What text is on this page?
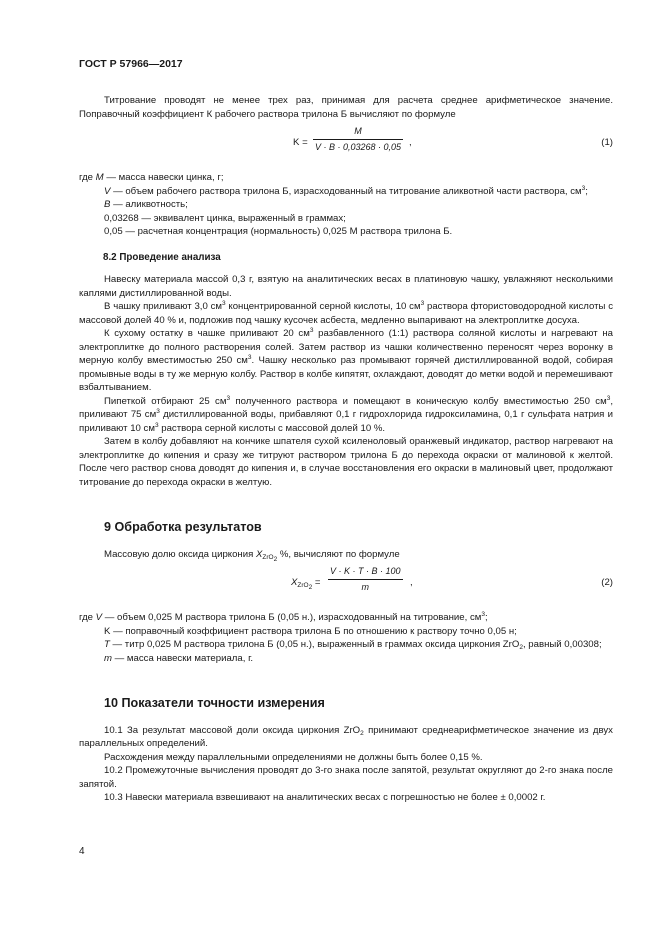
ГОСТ Р 57966—2017

Титрование проводят не менее трех раз, принимая для расчета среднее арифметическое значение. Поправочный коэффициент К рабочего раствора трилона Б вычисляют по формуле

$K = \frac{M}{V \cdot B \cdot 0,03268 \cdot 0,05}$ ,	(1)

где M — масса навески цинка, г;

V — объем рабочего раствора трилона Б, израсходованный на титрование аликвотной части раствора, $см^3$;

B — аликвотность;

0,03268 — эквивалент цинка, выраженный в граммах;

0,05 — расчетная концентрация (нормальность) 0,025 М раствора трилона Б.

8.2 Проведение анализа

Навеску материала массой 0,3 г, взятую на аналитических весах в платиновую чашку, увлажняют несколькими каплями дистиллированной воды.

В чашку приливают 3,0 $см^3$ концентрированной серной кислоты, 10 $см^3$ раствора фтористоводородной кислоты с массовой долей 40 % и, подложив под чашку кусочек асбеста, медленно выпаривают на электроплитке досуха.

К сухому остатку в чашке приливают 20 $см^3$ разбавленного (1:1) раствора соляной кислоты и нагревают на электроплитке до полного растворения солей. Затем раствор из чашки количественно переносят через воронку в мерную колбу вместимостью 250 $см^3$. Чашку несколько раз промывают горячей дистиллированной водой, собирая промывные воды в ту же мерную колбу. Раствор в колбе кипятят, охлаждают, доводят до метки водой и перемешивают взбалтыванием.

Пипеткой отбирают 25 $см^3$ полученного раствора и помещают в коническую колбу вместимостью 250 $см^3$, приливают 75 $см^3$ дистиллированной воды, прибавляют 0,1 г гидрохлорида гидроксиламина, 0,1 г сульфата натрия и приливают 10 $см^3$ раствора серной кислоты с массовой долей 10 %.

Затем в колбу добавляют на кончике шпателя сухой ксиленоловый оранжевый индикатор, раствор нагревают на электроплитке до кипения и сразу же титруют раствором трилона Б до перехода окраски от малиновой к желтой. После чего раствор снова доводят до кипения и, в случае восстановления его окраски в малиновый цвет, продолжают титрование до перехода окраски в желтую.

9 Обработка результатов

Массовую долю оксида циркония $X_{ZrO_2}$ %, вычисляют по формуле

$X_{ZrO_2} = \frac{V \cdot K \cdot T \cdot B \cdot 100}{m}$ ,	(2)

где V — объем 0,025 М раствора трилона Б (0,05 н.), израсходованный на титрование, $см^3$;

K — поправочный коэффициент раствора трилона Б по отношению к раствору точно 0,05 н;

T — титр 0,025 М раствора трилона Б (0,05 н.), выраженный в граммах оксида циркония ZrO$_2$, равный 0,00308;

m — масса навески материала, г.

10 Показатели точности измерения

10.1 За результат массовой доли оксида циркония ZrO$_2$ принимают среднеарифметическое значение из двух параллельных определений.

Расхождения между параллельными определениями не должны быть более 0,15 %.

10.2 Промежуточные вычисления проводят до 3-го знака после запятой, результат округляют до 2-го знака после запятой.

10.3 Навески материала взвешивают на аналитических весах с погрешностью не более ± 0,0002 г.

4
